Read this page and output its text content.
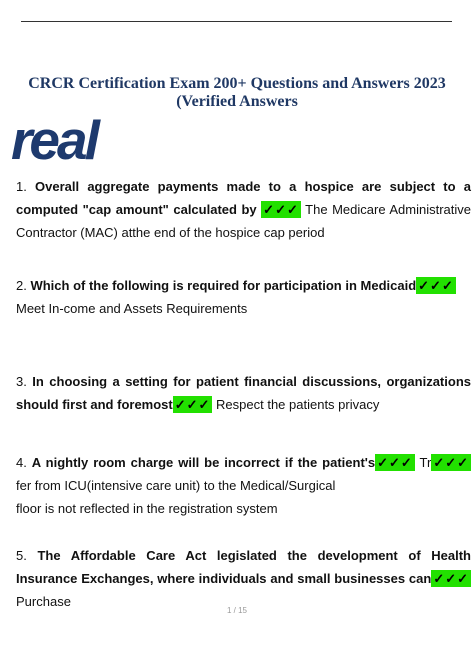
CRCR Certification Exam 200+ Questions and Answers 2023 (Verified Answers
real

1. Overall aggregate payments made to a hospice are subject to a computed "cap amount" calculated by ✓✓✓ The Medicare Administrative Contractor (MAC) atthe end of the hospice cap period

2. Which of the following is required for participation in Medicaid ✓✓✓
Meet In-come and Assets Requirements

3. In choosing a setting for patient financial discussions, organizations should first and foremost ✓✓✓ Respect the patients privacy

4. A nightly room charge will be incorrect if the patient's ✓✓✓ Tr ✓✓✓fer from ICU(intensive care unit) to the Medical/Surgical
floor is not reflected in the registration system

5. The Affordable Care Act legislated the development of Health Insurance Exchanges, where individuals and small businesses can ✓✓✓ Purchase

1 / 15
